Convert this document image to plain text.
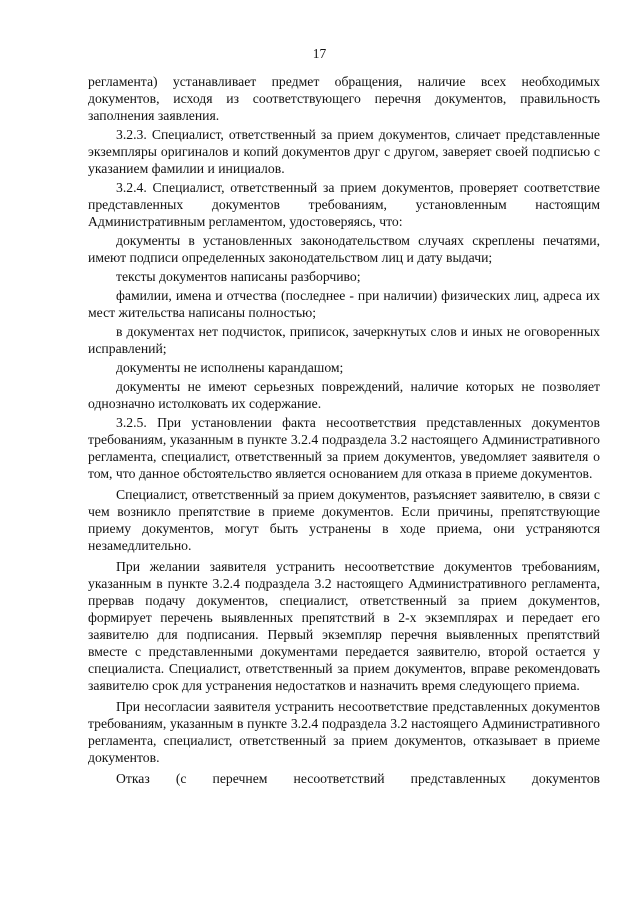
17

регламента) устанавливает предмет обращения, наличие всех необходимых документов, исходя из соответствующего перечня документов, правильность заполнения заявления.

3.2.3. Специалист, ответственный за прием документов, сличает представленные экземпляры оригиналов и копий документов друг с другом, заверяет своей подписью с указанием фамилии и инициалов.

3.2.4. Специалист, ответственный за прием документов, проверяет соответствие представленных документов требованиям, установленным настоящим Административным регламентом, удостоверяясь, что:

документы в установленных законодательством случаях скреплены печатями, имеют подписи определенных законодательством лиц и дату выдачи;

тексты документов написаны разборчиво;

фамилии, имена и отчества (последнее - при наличии) физических лиц, адреса их мест жительства написаны полностью;

в документах нет подчисток, приписок, зачеркнутых слов и иных не оговоренных исправлений;

документы не исполнены карандашом;

документы не имеют серьезных повреждений, наличие которых не позволяет однозначно истолковать их содержание.

3.2.5. При установлении факта несоответствия представленных документов требованиям, указанным в пункте 3.2.4 подраздела 3.2 настоящего Административного регламента, специалист, ответственный за прием документов, уведомляет заявителя о том, что данное обстоятельство является основанием для отказа в приеме документов.

Специалист, ответственный за прием документов, разъясняет заявителю, в связи с чем возникло препятствие в приеме документов. Если причины, препятствующие приему документов, могут быть устранены в ходе приема, они устраняются незамедлительно.

При желании заявителя устранить несоответствие документов требованиям, указанным в пункте 3.2.4 подраздела 3.2 настоящего Административного регламента, прервав подачу документов, специалист, ответственный за прием документов, формирует перечень выявленных препятствий в 2-х экземплярах и передает его заявителю для подписания. Первый экземпляр перечня выявленных препятствий вместе с представленными документами передается заявителю, второй остается у специалиста. Специалист, ответственный за прием документов, вправе рекомендовать заявителю срок для устранения недостатков и назначить время следующего приема.

При несогласии заявителя устранить несоответствие представленных документов требованиям, указанным в пункте 3.2.4 подраздела 3.2 настоящего Административного регламента, специалист, ответственный за прием документов, отказывает в приеме документов.

Отказ (с перечнем несоответствий представленных документов
